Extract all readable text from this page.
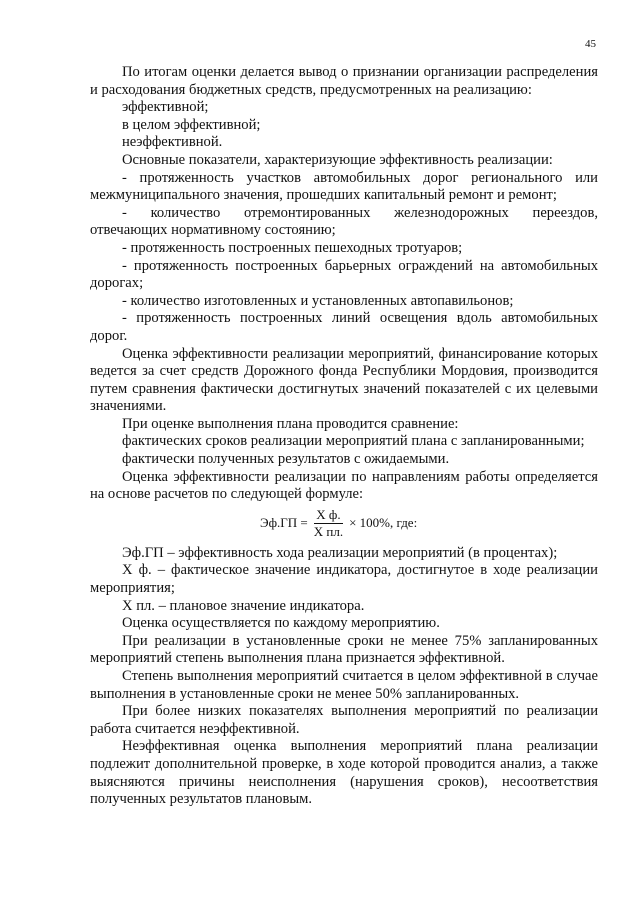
45

По итогам оценки делается вывод о признании организации распределения и расходования бюджетных средств, предусмотренных на реализацию:

эффективной;

в целом эффективной;

неэффективной.

Основные показатели, характеризующие эффективность реализации:

- протяженность участков автомобильных дорог регионального или межмуниципального значения, прошедших капитальный ремонт и ремонт;

- количество отремонтированных железнодорожных переездов, отвечающих нормативному состоянию;

- протяженность построенных пешеходных тротуаров;

- протяженность построенных барьерных ограждений на автомобильных дорогах;

- количество изготовленных и установленных автопавильонов;

- протяженность построенных линий освещения вдоль автомобильных дорог.

Оценка эффективности реализации мероприятий, финансирование которых ведется за счет средств Дорожного фонда Республики Мордовия, производится путем сравнения фактически достигнутых значений показателей с их целевыми значениями.

При оценке выполнения плана проводится сравнение:

фактических сроков реализации мероприятий плана с запланированными;

фактически полученных результатов с ожидаемыми.

Оценка эффективности реализации по направлениям работы определяется на основе расчетов по следующей формуле:

$Эф.ГП = \frac{\text{Х ф.}}{\text{Х пл.}} \times 100\%$, где:

Эф.ГП – эффективность хода реализации мероприятий (в процентах);

Х ф. – фактическое значение индикатора, достигнутое в ходе реализации мероприятия;

Х пл. – плановое значение индикатора.

Оценка осуществляется по каждому мероприятию.

При реализации в установленные сроки не менее 75% запланированных мероприятий степень выполнения плана признается эффективной.

Степень выполнения мероприятий считается в целом эффективной в случае выполнения в установленные сроки не менее 50% запланированных.

При более низких показателях выполнения мероприятий по реализации работа считается неэффективной.

Неэффективная оценка выполнения мероприятий плана реализации подлежит дополнительной проверке, в ходе которой проводится анализ, а также выясняются причины неисполнения (нарушения сроков), несоответствия полученных результатов плановым.
